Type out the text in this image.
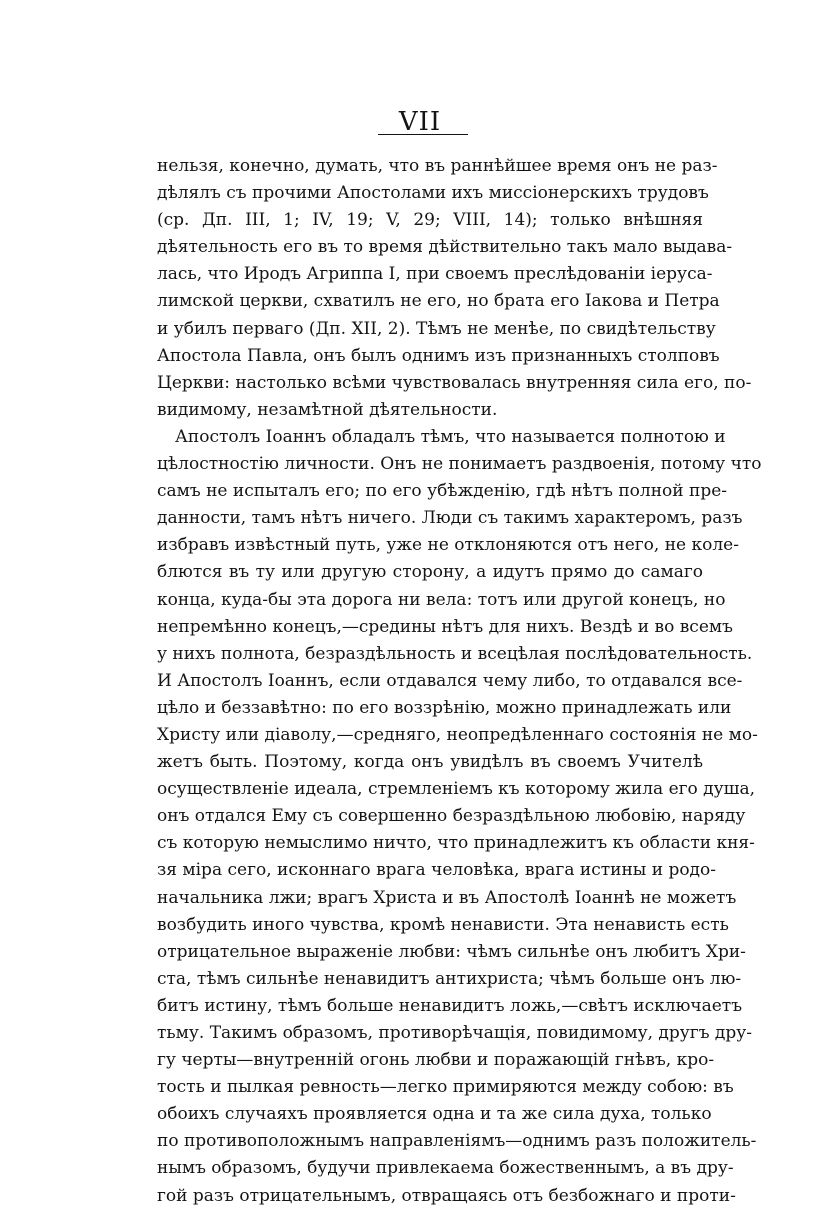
VII
нельзя, конечно, думать, что въ раннѣйшее время онъ не раз-
дѣлялъ съ прочими Апостолами ихъ миссіонерскихъ трудовъ
(ср. Дп. III, 1; IV, 19; V, 29; VIII, 14); только внѣшняя
дѣятельность его въ то время дѣйствительно такъ мало выдава-
лась, что Иродъ Агриппа I, при своемъ преслѣдованіи іеруса-
лимской церкви, схватилъ не его, но брата его Іакова и Петра
и убилъ перваго (Дп. XII, 2). Тѣмъ не менѣе, по свидѣтельству
Апостола Павла, онъ былъ однимъ изъ признанныхъ столповъ
Церкви: настолько всѣми чувствовалась внутренняя сила его, по-
видимому, незамѣтной дѣятельности.
Апостолъ Іоаннъ обладалъ тѣмъ, что называется полнотою и
цѣлостностію личности. Онъ не понимаетъ раздвоенія, потому что
самъ не испыталъ его; по его убѣжденію, гдѣ нѣтъ полной пре-
данности, тамъ нѣтъ ничего. Люди съ такимъ характеромъ, разъ
избравъ извѣстный путь, уже не отклоняются отъ него, не коле-
блются въ ту или другую сторону, а идутъ прямо до самаго
конца, куда-бы эта дорога ни вела: тотъ или другой конецъ, но
непремѣнно конецъ,—средины нѣтъ для нихъ. Вездѣ и во всемъ
у нихъ полнота, безраздѣльность и всецѣлая послѣдовательность.
И Апостолъ Іоаннъ, если отдавался чему либо, то отдавался все-
цѣло и беззавѣтно: по его воззрѣнію, можно принадлежать или
Христу или діаволу,—средняго, неопредѣленнаго состоянія не мо-
жетъ быть. Поэтому, когда онъ увидѣлъ въ своемъ Учителѣ
осуществленіе идеала, стремленіемъ къ которому жила его душа,
онъ отдался Ему съ совершенно безраздѣльною любовію, наряду
съ которую немыслимо ничто, что принадлежитъ къ области кня-
зя міра сего, исконнаго врага человѣка, врага истины и родо-
начальника лжи; врагъ Христа и въ Апостолѣ Іоаннѣ не можетъ
возбудить иного чувства, кромѣ ненависти. Эта ненависть есть
отрицательное выраженіе любви: чѣмъ сильнѣе онъ любитъ Хри-
ста, тѣмъ сильнѣе ненавидитъ антихриста; чѣмъ больше онъ лю-
битъ истину, тѣмъ больше ненавидитъ ложь,—свѣтъ исключаетъ
тьму. Такимъ образомъ, противорѣчащія, повидимому, другъ дру-
гу черты—внутренній огонь любви и поражающій гнѣвъ, кро-
тость и пылкая ревность—легко примиряются между собою: въ
обоихъ случаяхъ проявляется одна и та же сила духа, только
по противоположнымъ направленіямъ—однимъ разъ положитель-
нымъ образомъ, будучи привлекаема божественнымъ, а въ дру-
гой разъ отрицательнымъ, отвращаясь отъ безбожнаго и проти-
